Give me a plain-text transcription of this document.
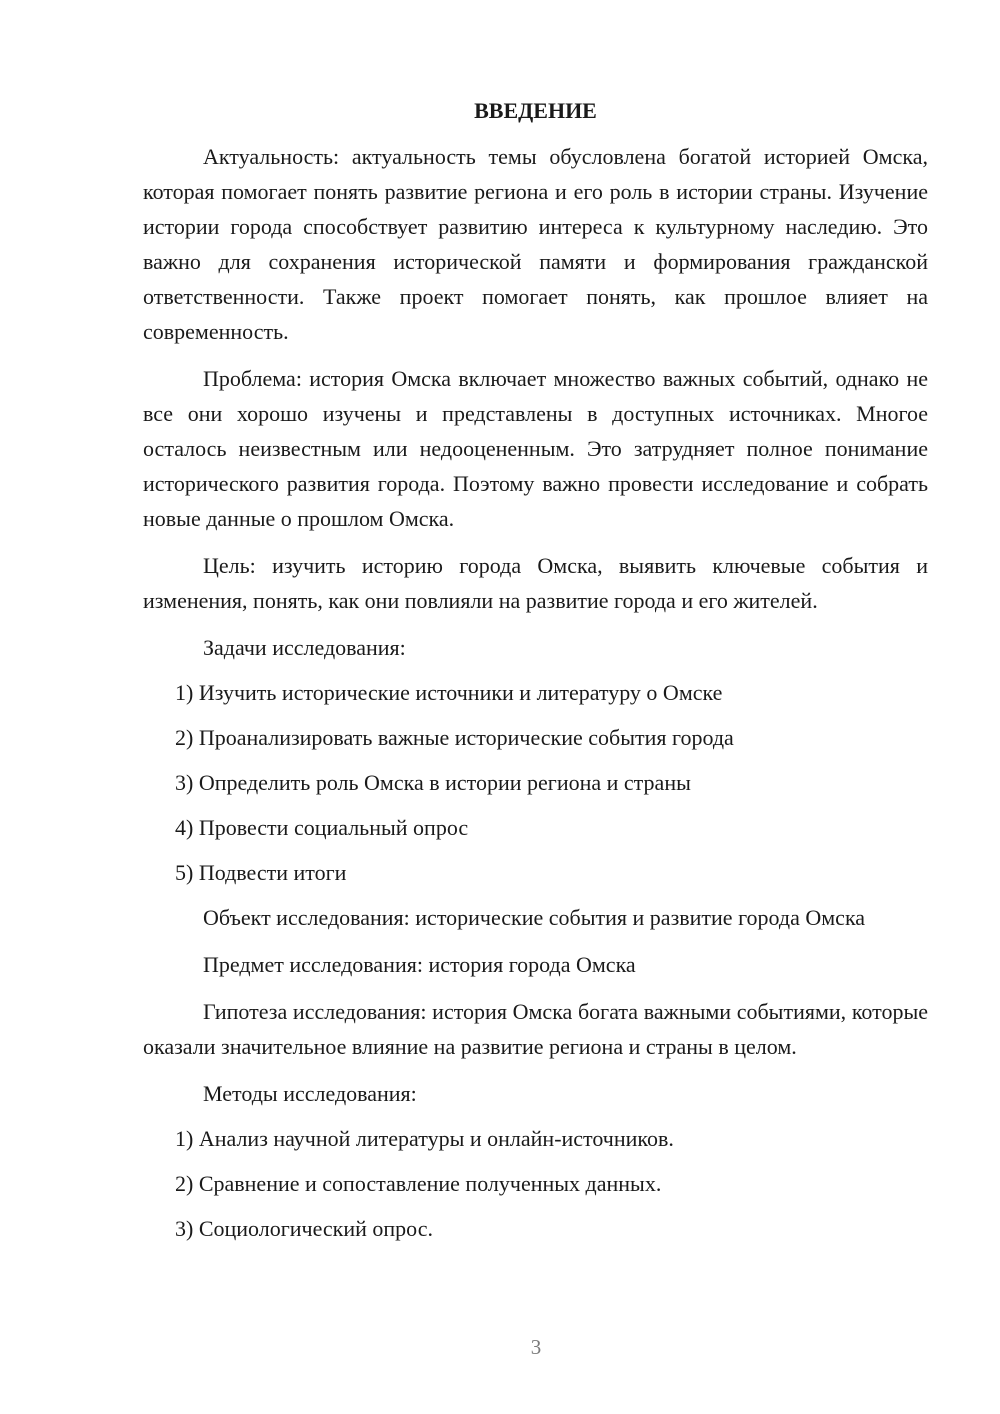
ВВЕДЕНИЕ

Актуальность: актуальность темы обусловлена богатой историей Омска, которая помогает понять развитие региона и его роль в истории страны. Изучение истории города способствует развитию интереса к культурному наследию. Это важно для сохранения исторической памяти и формирования гражданской ответственности. Также проект помогает понять, как прошлое влияет на современность.

Проблема: история Омска включает множество важных событий, однако не все они хорошо изучены и представлены в доступных источниках. Многое осталось неизвестным или недооцененным. Это затрудняет полное понимание исторического развития города. Поэтому важно провести исследование и собрать новые данные о прошлом Омска.

Цель: изучить историю города Омска, выявить ключевые события и изменения, понять, как они повлияли на развитие города и его жителей.

Задачи исследования:

1) Изучить исторические источники и литературу о Омске

2) Проанализировать важные исторические события города

3) Определить роль Омска в истории региона и страны

4) Провести социальный опрос

5) Подвести итоги

Объект исследования: исторические события и развитие города Омска

Предмет исследования: история города Омска

Гипотеза исследования: история Омска богата важными событиями, которые оказали значительное влияние на развитие региона и страны в целом.

Методы исследования:

1) Анализ научной литературы и онлайн-источников.

2) Сравнение и сопоставление полученных данных.

3) Социологический опрос.

3
